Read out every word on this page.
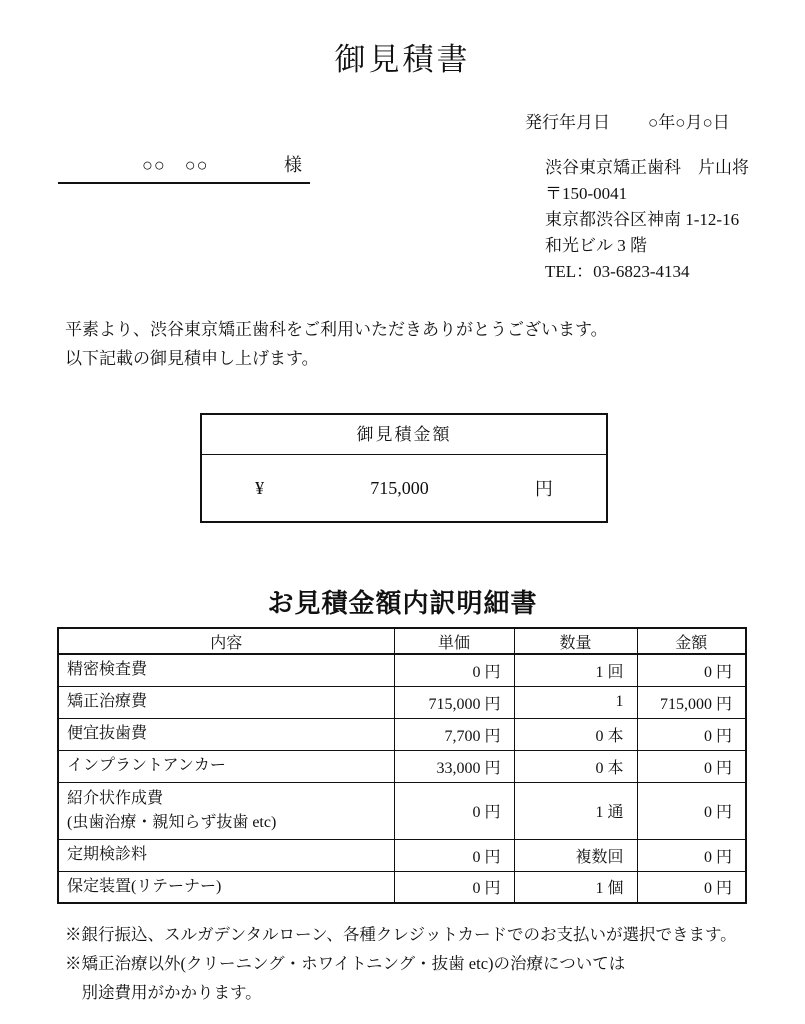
御見積書
発行年月日 ○年○月○日
○○　○○	様	渋谷東京矯正歯科　片山将
〒150-0041
東京都渋谷区神南 1-12-16
和光ビル 3 階
TEL：03-6823-4134
平素より、渋谷東京矯正歯科をご利用いただきありがとうございます。
以下記載の御見積申し上げます。
御見積金額
¥	715,000	円
お見積金額内訳明細書
内容	単価	数量	金額

精密検査費	0 円	1 回	0 円

矯正治療費	715,000 円	1	715,000 円

便宜抜歯費	7,700 円	0 本	0 円

インプラントアンカー	33,000 円	0 本	0 円

紹介状作成費
(虫歯治療・親知らず抜歯 etc)	0 円	1 通	0 円

定期検診料	0 円	複数回	0 円

保定装置(リテーナー)	0 円	1 個	0 円
※銀行振込、スルガデンタルローン、各種クレジットカードでのお支払いが選択できます。
※矯正治療以外(クリーニング・ホワイトニング・抜歯 etc)の治療については
　別途費用がかかります。
